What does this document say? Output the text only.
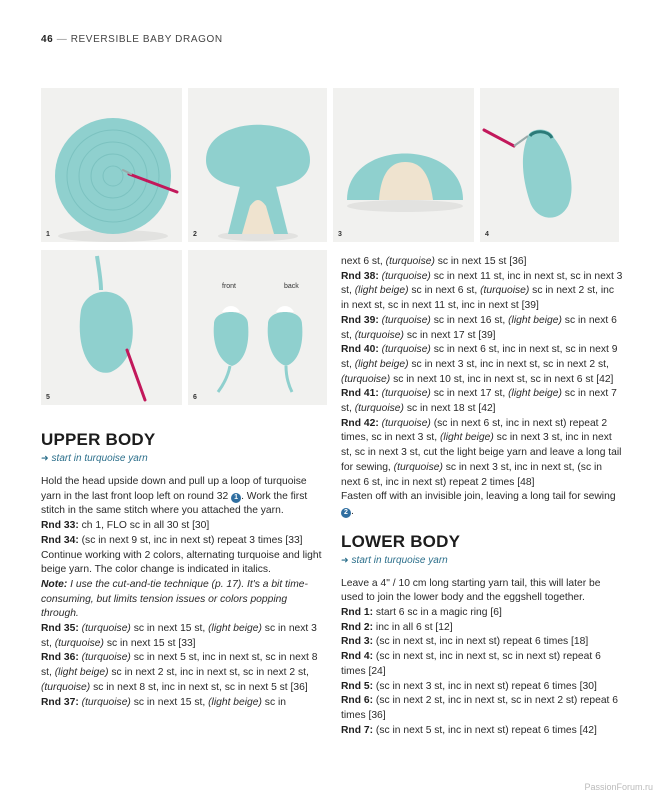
46 — REVERSIBLE BABY DRAGON
1	2	3	4
5
front	back
6
UPPER BODY

➜ start in turquoise yarn

Hold the head upside down and pull up a loop of turquoise yarn in the last front loop left on round 32 1 . Work the first stitch in the same stitch where you attached the yarn.

Rnd 33: ch 1, FLO sc in all 30 st [30]

Rnd 34: (sc in next 9 st, inc in next st) repeat 3 times [33]

Continue working with 2 colors, alternating turquoise and light beige yarn. The color change is indicated in italics.

Note: I use the cut-and-tie technique (p. 17). It's a bit time-consuming, but limits tension issues or colors popping through.

Rnd 35: (turquoise) sc in next 15 st, (light beige) sc in next 3 st, (turquoise) sc in next 15 st [33]

Rnd 36: (turquoise) sc in next 5 st, inc in next st, sc in next 8 st, (light beige) sc in next 2 st, inc in next st, sc in next 2 st, (turquoise) sc in next 8 st, inc in next st, sc in next 5 st [36]

Rnd 37: (turquoise) sc in next 15 st, (light beige) sc in

next 6 st, (turquoise) sc in next 15 st [36]

Rnd 38: (turquoise) sc in next 11 st, inc in next st, sc in next 3 st, (light beige) sc in next 6 st, (turquoise) sc in next 2 st, inc in next st, sc in next 11 st, inc in next st [39]

Rnd 39: (turquoise) sc in next 16 st, (light beige) sc in next 6 st, (turquoise) sc in next 17 st [39]

Rnd 40: (turquoise) sc in next 6 st, inc in next st, sc in next 9 st, (light beige) sc in next 3 st, inc in next st, sc in next 2 st, (turquoise) sc in next 10 st, inc in next st, sc in next 6 st [42]

Rnd 41: (turquoise) sc in next 17 st, (light beige) sc in next 7 st, (turquoise) sc in next 18 st [42]

Rnd 42: (turquoise) (sc in next 6 st, inc in next st) repeat 2 times, sc in next 3 st, (light beige) sc in next 3 st, inc in next st, sc in next 3 st, cut the light beige yarn and leave a long tail for sewing, (turquoise) sc in next 3 st, inc in next st, (sc in next 6 st, inc in next st) repeat 2 times [48]

Fasten off with an invisible join, leaving a long tail for sewing 2 .

LOWER BODY

➜ start in turquoise yarn

Leave a 4" / 10 cm long starting yarn tail, this will later be used to join the lower body and the eggshell together.

Rnd 1: start 6 sc in a magic ring [6]

Rnd 2: inc in all 6 st [12]

Rnd 3: (sc in next st, inc in next st) repeat 6 times [18]

Rnd 4: (sc in next st, inc in next st, sc in next st) repeat 6 times [24]

Rnd 5: (sc in next 3 st, inc in next st) repeat 6 times [30]

Rnd 6: (sc in next 2 st, inc in next st, sc in next 2 st) repeat 6 times [36]

Rnd 7: (sc in next 5 st, inc in next st) repeat 6 times [42]

PassionForum.ru
